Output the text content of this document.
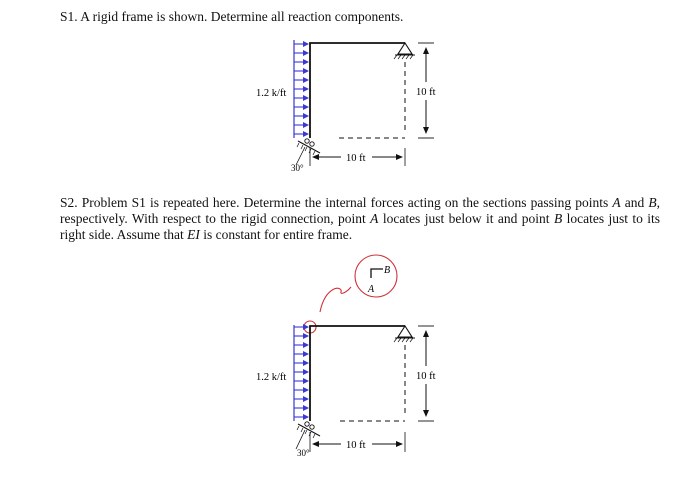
S1. A rigid frame is shown. Determine all reaction components.
S2. Problem S1 is repeated here. Determine the internal forces acting on the sections passing points A and B, respectively. With respect to the rigid connection, point A locates just below it and point B locates just to its right side. Assume that EI is constant for entire frame.
1.2 k/ft
30°
10 ft
10 ft
B
A
1.2 k/ft
30°
10 ft
10 ft
